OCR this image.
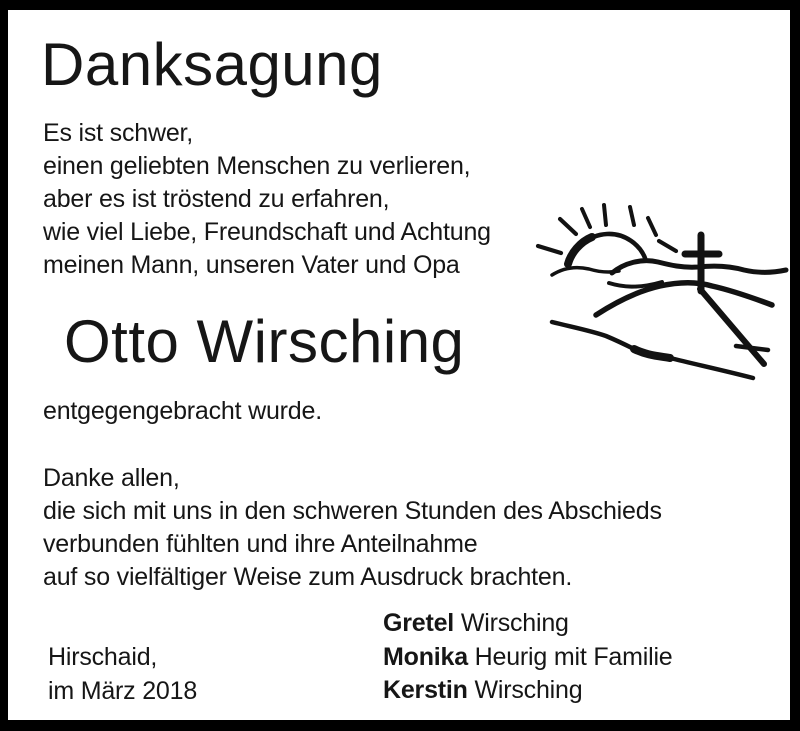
Danksagung
Es ist schwer,
einen geliebten Menschen zu verlieren,
aber es ist tröstend zu erfahren,
wie viel Liebe, Freundschaft und Achtung
meinen Mann, unseren Vater und Opa
Otto Wirsching
entgegengebracht wurde.
Danke allen,
die sich mit uns in den schweren Stunden des Abschieds
verbunden fühlten und ihre Anteilnahme
auf so vielfältiger Weise zum Ausdruck brachten.
Gretel Wirsching
Monika Heurig mit Familie
Kerstin Wirsching
Hirschaid,
im März 2018
